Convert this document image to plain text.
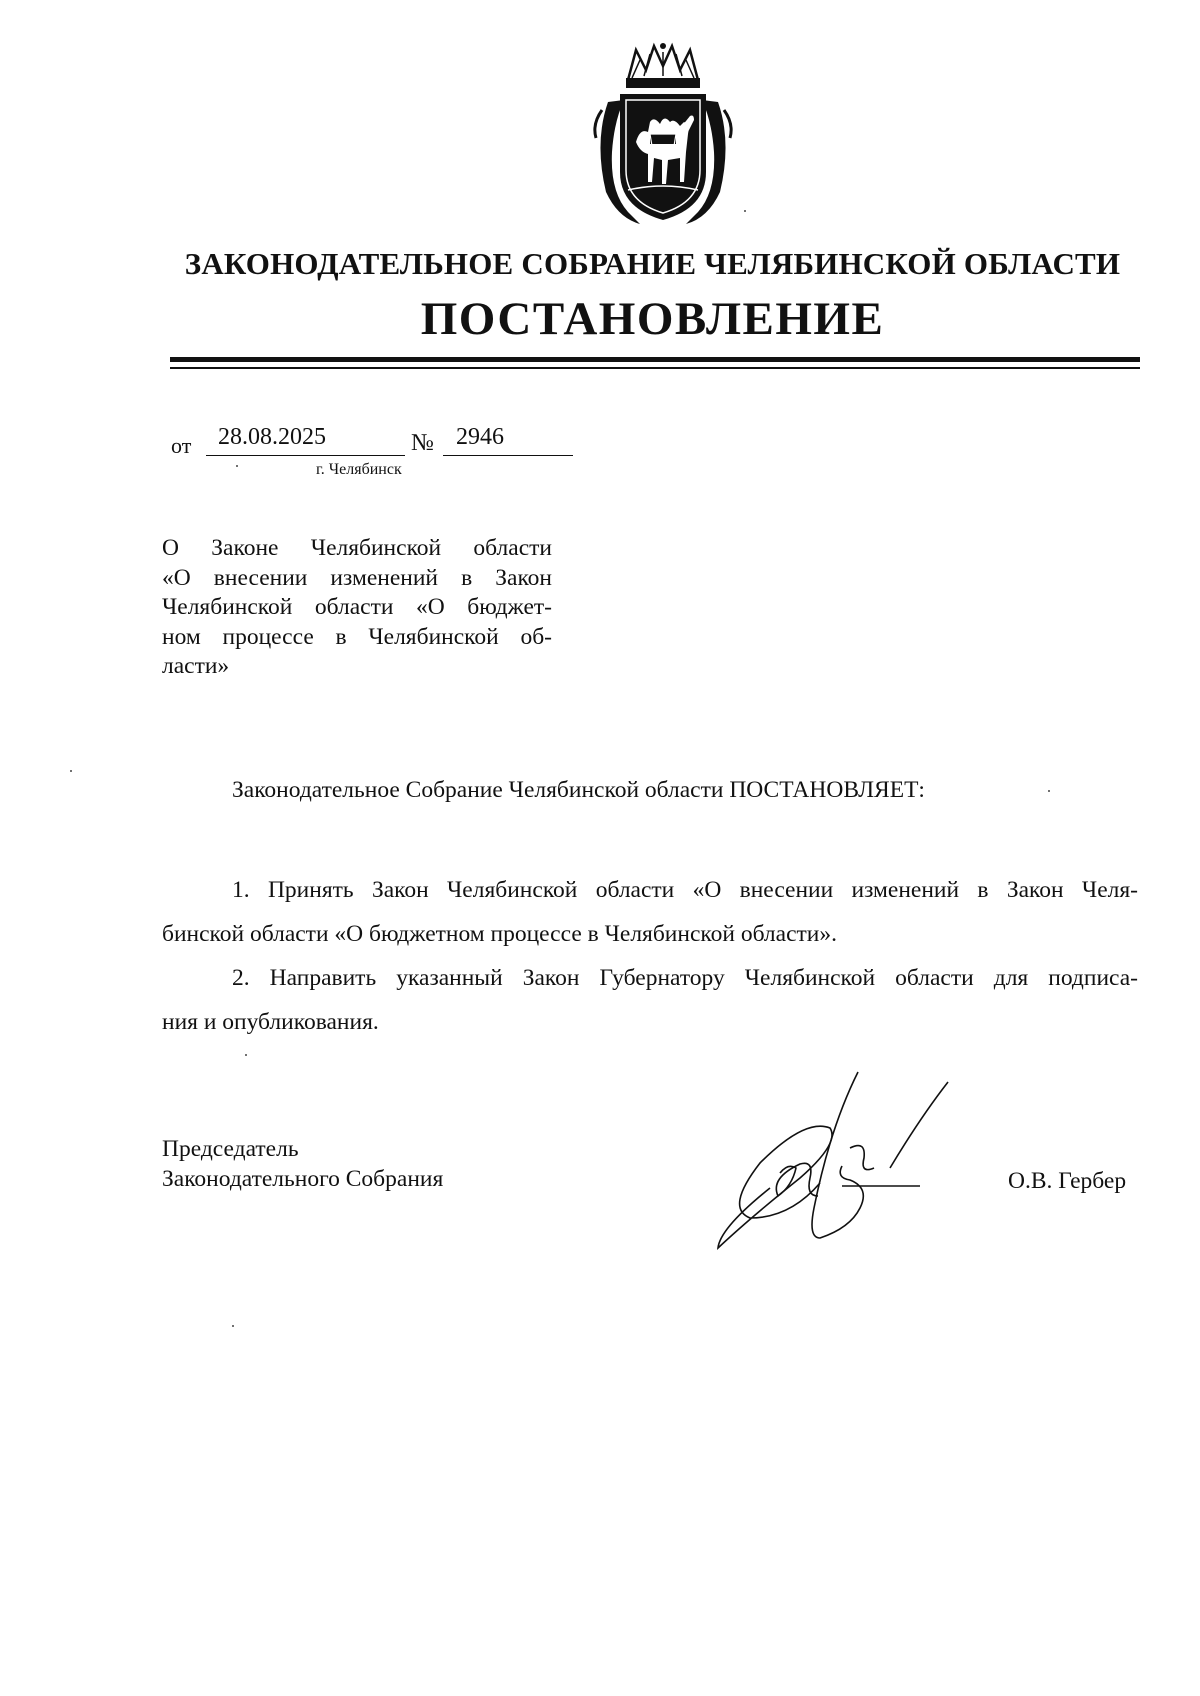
ЗАКОНОДАТЕЛЬНОЕ СОБРАНИЕ ЧЕЛЯБИНСКОЙ ОБЛАСТИ
ПОСТАНОВЛЕНИЕ
от 28.08.2025	№ 2946
г. Челябинск
О Законе Челябинской области
«О внесении изменений в Закон
Челябинской области «О бюджет-
ном процессе в Челябинской об-
ласти»
Законодательное Собрание Челябинской области ПОСТАНОВЛЯЕТ:
1. Принять Закон Челябинской области «О внесении изменений в Закон Челя-
бинской области «О бюджетном процессе в Челябинской области».
2. Направить указанный Закон Губернатору Челябинской области для подписа-
ния и опубликования.
Председатель
Законодательного Собрания	О.В. Гербер
